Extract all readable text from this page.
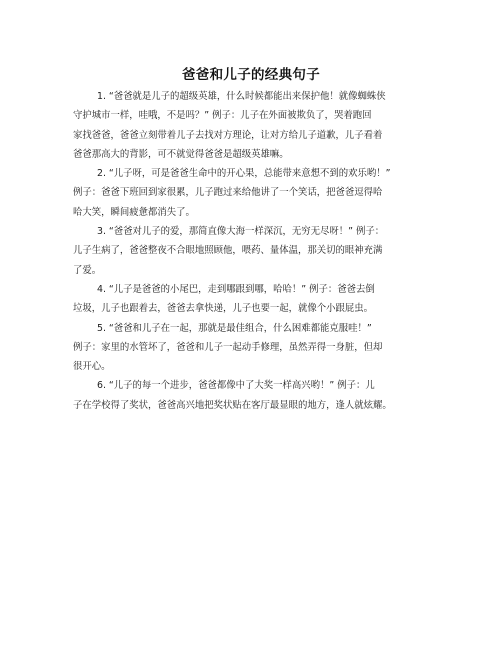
爸爸和儿子的经典句子
1. “爸爸就是儿子的超级英雄，什么时候都能出来保护他！就像蜘蛛侠
守护城市一样，哇哦，不是吗？” 例子：儿子在外面被欺负了，哭着跑回
家找爸爸，爸爸立刻带着儿子去找对方理论，让对方给儿子道歉，儿子看着
爸爸那高大的背影，可不就觉得爸爸是超级英雄嘛。
2. “儿子呀，可是爸爸生命中的开心果，总能带来意想不到的欢乐哟！”
例子：爸爸下班回到家很累，儿子跑过来给他讲了一个笑话，把爸爸逗得哈
哈大笑，瞬间疲惫都消失了。
3. “爸爸对儿子的爱，那简直像大海一样深沉，无穷无尽呀！” 例子：
儿子生病了，爸爸整夜不合眼地照顾他，喂药、量体温，那关切的眼神充满
了爱。
4. “儿子是爸爸的小尾巴，走到哪跟到哪，哈哈！” 例子：爸爸去倒
垃圾，儿子也跟着去，爸爸去拿快递，儿子也要一起，就像个小跟屁虫。
5. “爸爸和儿子在一起，那就是最佳组合，什么困难都能克服哇！”
例子：家里的水管坏了，爸爸和儿子一起动手修理，虽然弄得一身脏，但却
很开心。
6. “儿子的每一个进步，爸爸都像中了大奖一样高兴哟！” 例子：儿
子在学校得了奖状，爸爸高兴地把奖状贴在客厅最显眼的地方，逢人就炫耀。
